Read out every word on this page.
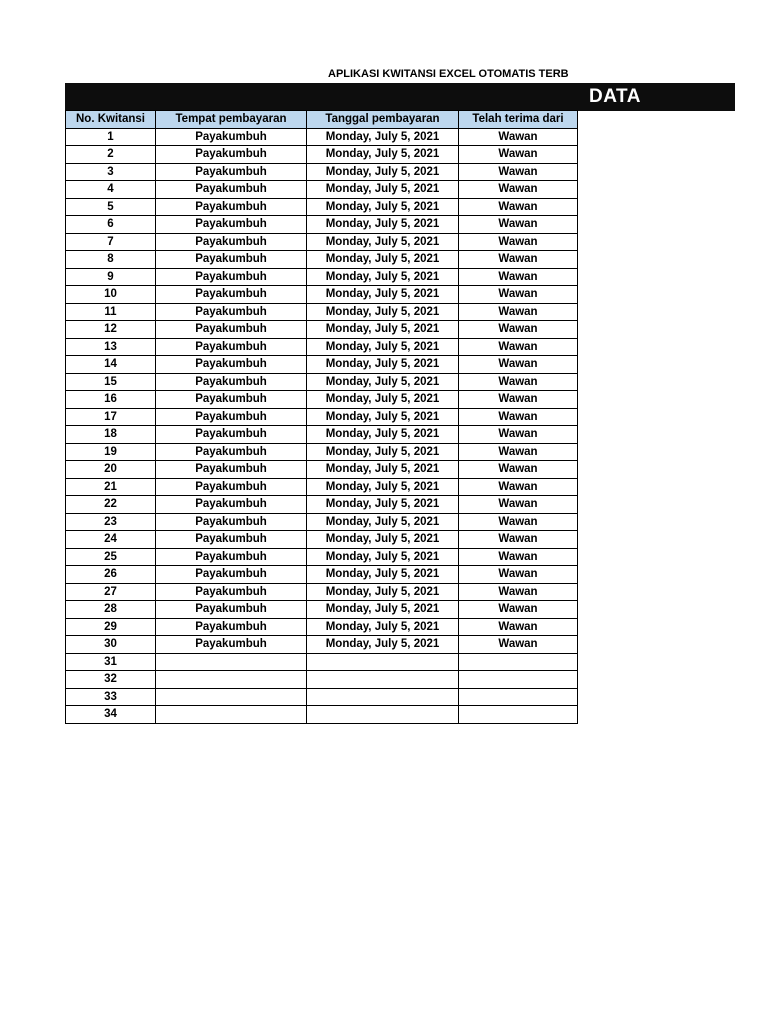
APLIKASI KWITANSI EXCEL OTOMATIS TERB
DATA
No. Kwitansi	Tempat pembayaran	Tanggal pembayaran	Telah terima dari
1	Payakumbuh	Monday, July 5, 2021	Wawan
2	Payakumbuh	Monday, July 5, 2021	Wawan
3	Payakumbuh	Monday, July 5, 2021	Wawan
4	Payakumbuh	Monday, July 5, 2021	Wawan
5	Payakumbuh	Monday, July 5, 2021	Wawan
6	Payakumbuh	Monday, July 5, 2021	Wawan
7	Payakumbuh	Monday, July 5, 2021	Wawan
8	Payakumbuh	Monday, July 5, 2021	Wawan
9	Payakumbuh	Monday, July 5, 2021	Wawan
10	Payakumbuh	Monday, July 5, 2021	Wawan
11	Payakumbuh	Monday, July 5, 2021	Wawan
12	Payakumbuh	Monday, July 5, 2021	Wawan
13	Payakumbuh	Monday, July 5, 2021	Wawan
14	Payakumbuh	Monday, July 5, 2021	Wawan
15	Payakumbuh	Monday, July 5, 2021	Wawan
16	Payakumbuh	Monday, July 5, 2021	Wawan
17	Payakumbuh	Monday, July 5, 2021	Wawan
18	Payakumbuh	Monday, July 5, 2021	Wawan
19	Payakumbuh	Monday, July 5, 2021	Wawan
20	Payakumbuh	Monday, July 5, 2021	Wawan
21	Payakumbuh	Monday, July 5, 2021	Wawan
22	Payakumbuh	Monday, July 5, 2021	Wawan
23	Payakumbuh	Monday, July 5, 2021	Wawan
24	Payakumbuh	Monday, July 5, 2021	Wawan
25	Payakumbuh	Monday, July 5, 2021	Wawan
26	Payakumbuh	Monday, July 5, 2021	Wawan
27	Payakumbuh	Monday, July 5, 2021	Wawan
28	Payakumbuh	Monday, July 5, 2021	Wawan
29	Payakumbuh	Monday, July 5, 2021	Wawan
30	Payakumbuh	Monday, July 5, 2021	Wawan
31			
32			
33			
34			
